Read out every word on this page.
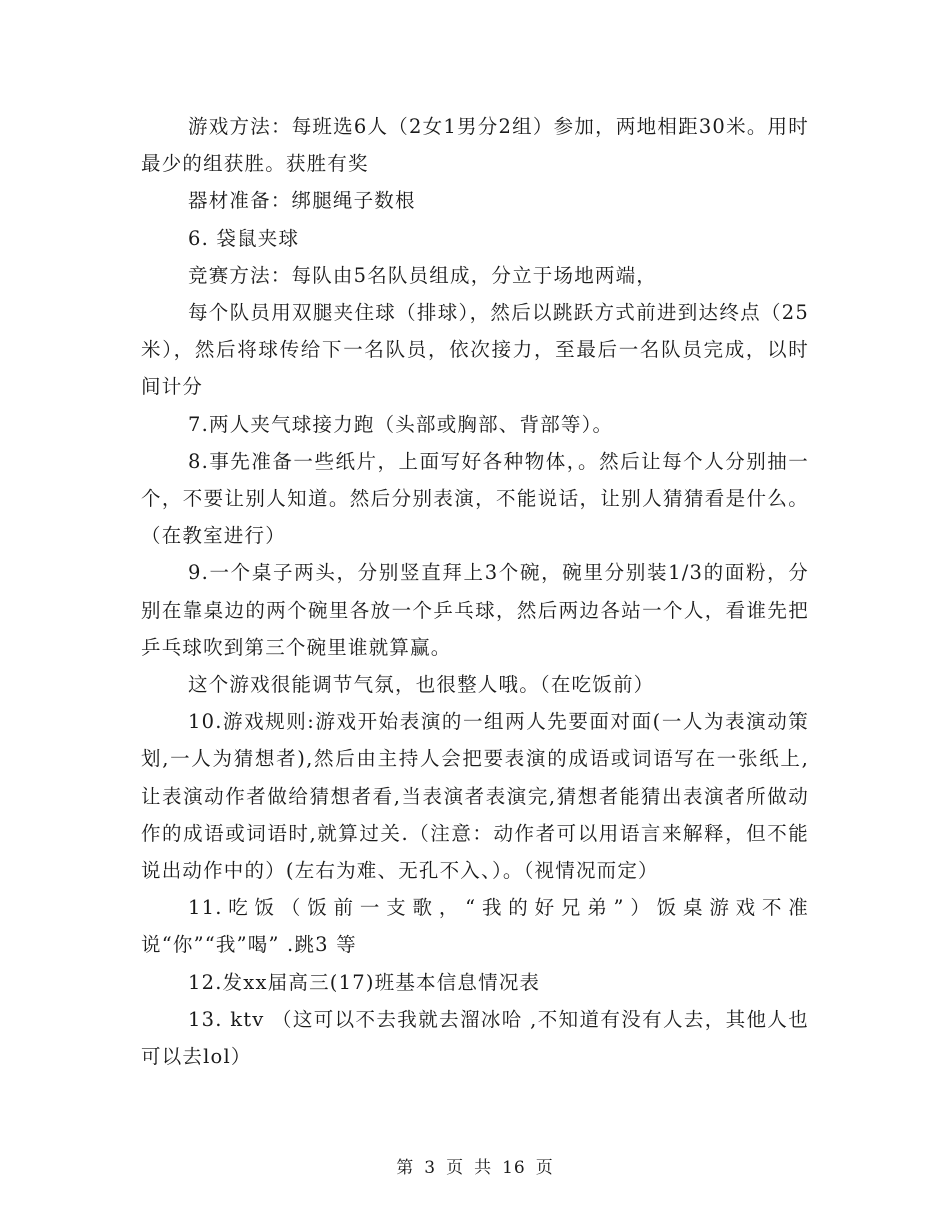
游戏方法：每班选6人（2女1男分2组）参加，两地相距30米。用时最少的组获胜。获胜有奖

器材准备：绑腿绳子数根

6. 袋鼠夹球

竞赛方法：每队由5名队员组成，分立于场地两端，

每个队员用双腿夹住球（排球），然后以跳跃方式前进到达终点（25米），然后将球传给下一名队员，依次接力，至最后一名队员完成，以时间计分

7.两人夹气球接力跑（头部或胸部、背部等）。

8.事先准备一些纸片，上面写好各种物体，。然后让每个人分别抽一个，不要让别人知道。然后分别表演，不能说话，让别人猜猜看是什么。（在教室进行）

9.一个桌子两头，分别竖直拜上3个碗，碗里分别装1/3的面粉，分别在靠桌边的两个碗里各放一个乒乓球，然后两边各站一个人，看谁先把乒乓球吹到第三个碗里谁就算赢。

这个游戏很能调节气氛，也很整人哦。（在吃饭前）

10.游戏规则:游戏开始表演的一组两人先要面对面(一人为表演动策划,一人为猜想者),然后由主持人会把要表演的成语或词语写在一张纸上,让表演动作者做给猜想者看,当表演者表演完,猜想者能猜出表演者所做动作的成语或词语时,就算过关.（注意：动作者可以用语言来解释，但不能说出动作中的）(左右为难、无孔不入、）。（视情况而定）

11.吃饭（饭前一支歌，“我的好兄弟”）饭桌游戏不准说“你”“我”喝” .跳3 等

12.发xx届高三(17)班基本信息情况表

13. ktv （这可以不去我就去溜冰哈 ,不知道有没有人去，其他人也可以去lol）

第 3 页 共 16 页
